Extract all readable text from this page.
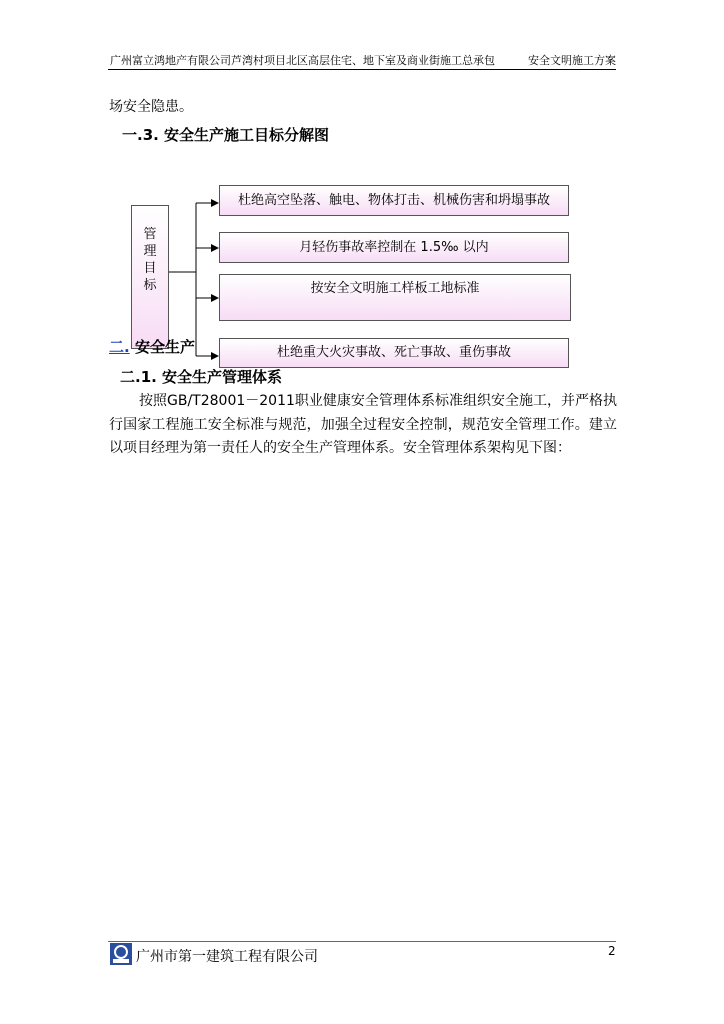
广州富立鸿地产有限公司芦湾村项目北区高层住宅、地下室及商业街施工总承包	安全文明施工方案
场安全隐患。
一.3. 安全生产施工目标分解图
管
理
目
标
杜绝高空坠落、触电、物体打击、机械伤害和坍塌事故
月轻伤事故率控制在 1.5‰ 以内
按安全文明施工样板工地标准
二. 安全生产	杜绝重大火灾事故、死亡事故、重伤事故
二.1. 安全生产管理体系
按照GB/T28001－2011职业健康安全管理体系标准组织安全施工，并严格执行国家工程施工安全标准与规范，加强全过程安全控制，规范安全管理工作。建立以项目经理为第一责任人的安全生产管理体系。安全管理体系架构见下图：
广州市第一建筑工程有限公司	2
